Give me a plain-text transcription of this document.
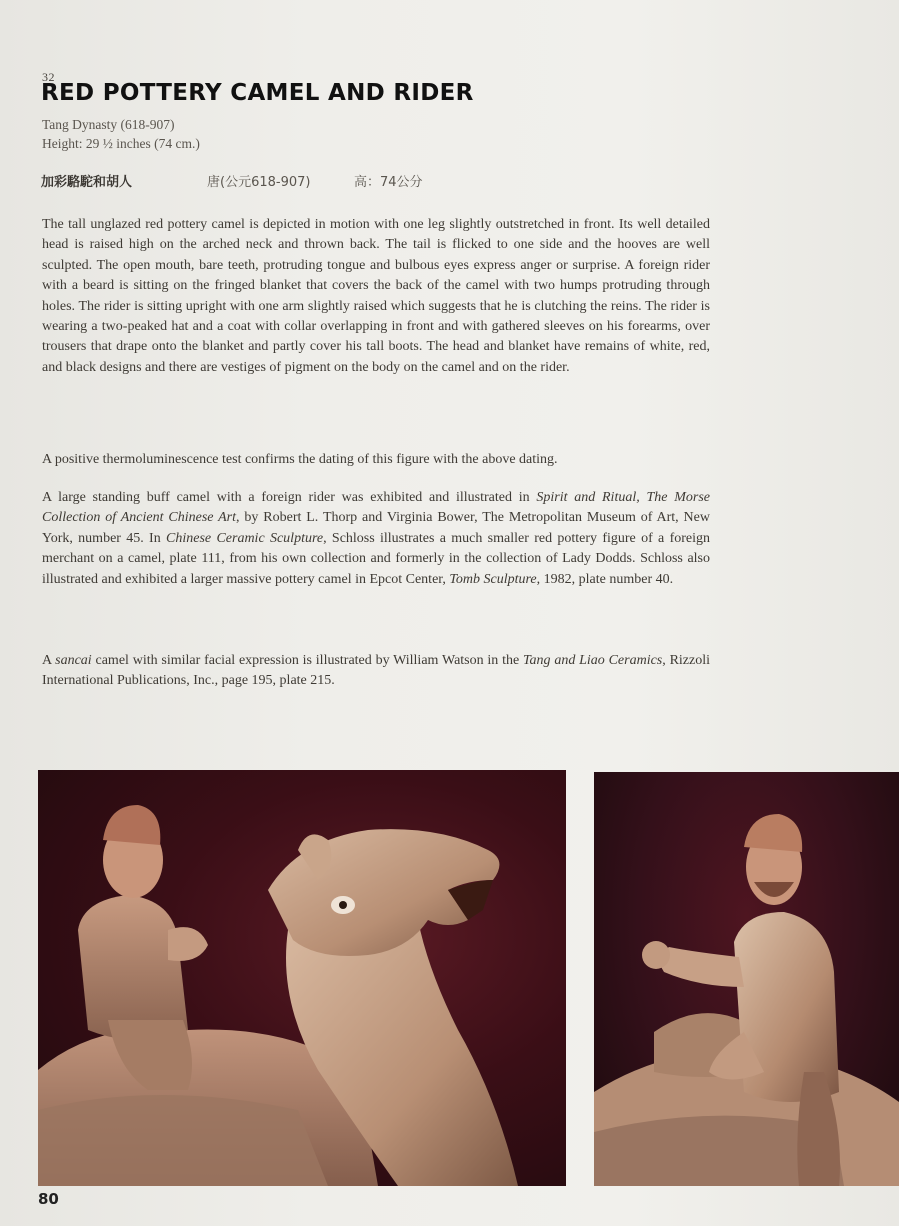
32
RED POTTERY CAMEL AND RIDER
Tang Dynasty (618-907)
Height: 29 ½ inches (74 cm.)
加彩駱駝和胡人	唐(公元618-907)	高：74公分

The tall unglazed red pottery camel is depicted in motion with one leg slightly outstretched in front. Its well detailed head is raised high on the arched neck and thrown back. The tail is flicked to one side and the hooves are well sculpted. The open mouth, bare teeth, protruding tongue and bulbous eyes express anger or surprise. A foreign rider with a beard is sitting on the fringed blanket that covers the back of the camel with two humps protruding through holes. The rider is sitting upright with one arm slightly raised which suggests that he is clutching the reins. The rider is wearing a two-peaked hat and a coat with collar overlapping in front and with gathered sleeves on his forearms, over trousers that drape onto the blanket and partly cover his tall boots. The head and blanket have remains of white, red, and black designs and there are vestiges of pigment on the body on the camel and on the rider.

A positive thermoluminescence test confirms the dating of this figure with the above dating.

A large standing buff camel with a foreign rider was exhibited and illustrated in Spirit and Ritual, The Morse Collection of Ancient Chinese Art, by Robert L. Thorp and Virginia Bower, The Metropolitan Museum of Art, New York, number 45. In Chinese Ceramic Sculpture, Schloss illustrates a much smaller red pottery figure of a foreign merchant on a camel, plate 111, from his own collection and formerly in the collection of Lady Dodds. Schloss also illustrated and exhibited a larger massive pottery camel in Epcot Center, Tomb Sculpture, 1982, plate number 40.

A sancai camel with similar facial expression is illustrated by William Watson in the Tang and Liao Ceramics, Rizzoli International Publications, Inc., page 195, plate 215.

80
